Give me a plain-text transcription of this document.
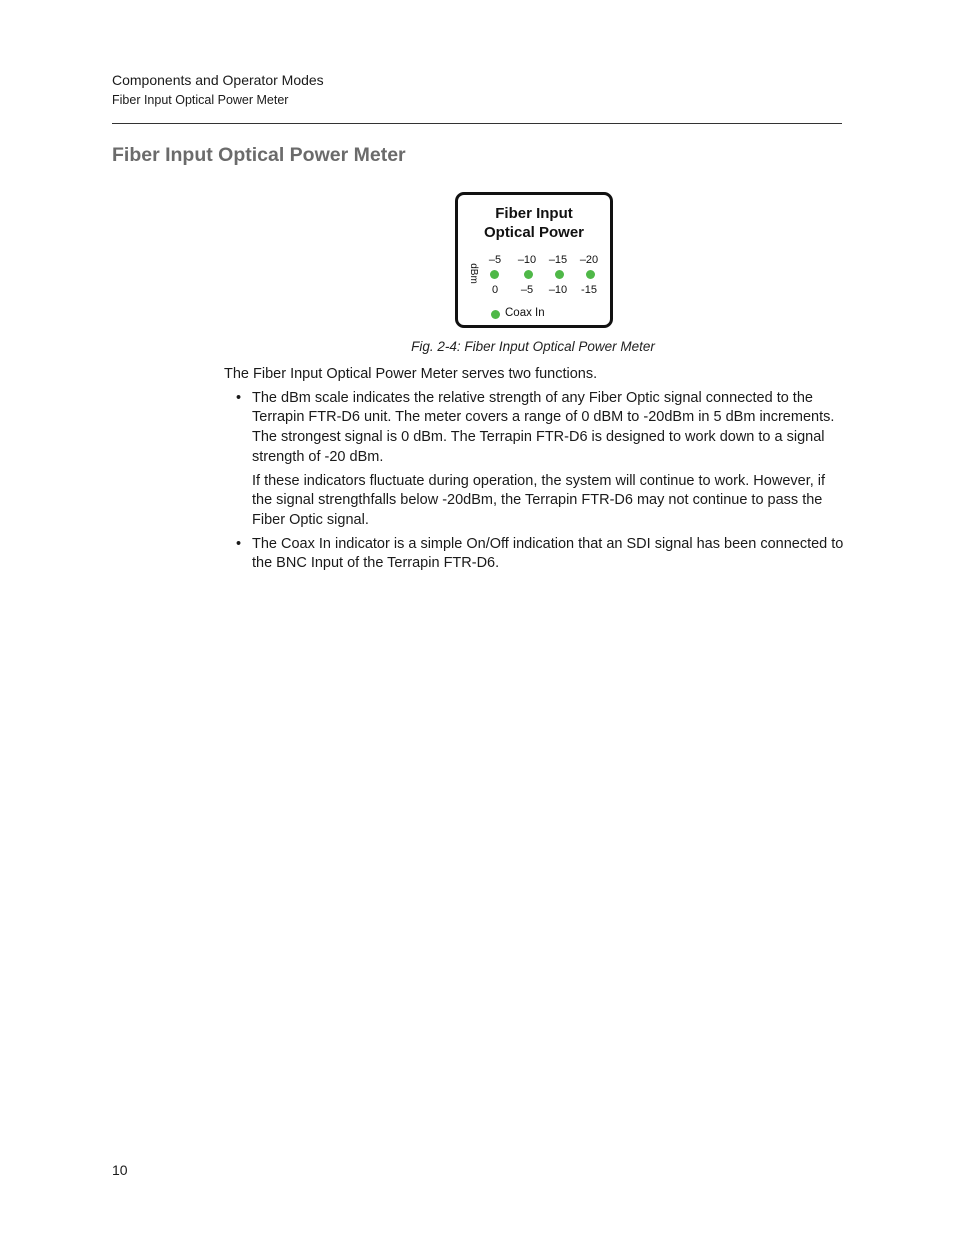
Components and Operator Modes
Fiber Input Optical Power Meter
Fiber Input Optical Power Meter
Fiber Input
Optical Power
dBm
–5	–10	–15	–20
0	–5	–10	-15
Coax In
Fig. 2-4: Fiber Input Optical Power Meter

The Fiber Input Optical Power Meter serves two functions.

• The dBm scale indicates the relative strength of any Fiber Optic signal connected to the Terrapin FTR-D6 unit. The meter covers a range of 0 dBM to -20dBm in 5 dBm increments. The strongest signal is 0 dBm. The Terrapin FTR-D6 is designed to work down to a signal strength of -20 dBm.
If these indicators fluctuate during operation, the system will continue to work. However, if the signal strengthfalls below -20dBm, the Terrapin FTR-D6 may not continue to pass the Fiber Optic signal.
• The Coax In indicator is a simple On/Off indication that an SDI signal has been connected to the BNC Input of the Terrapin FTR-D6.
10
